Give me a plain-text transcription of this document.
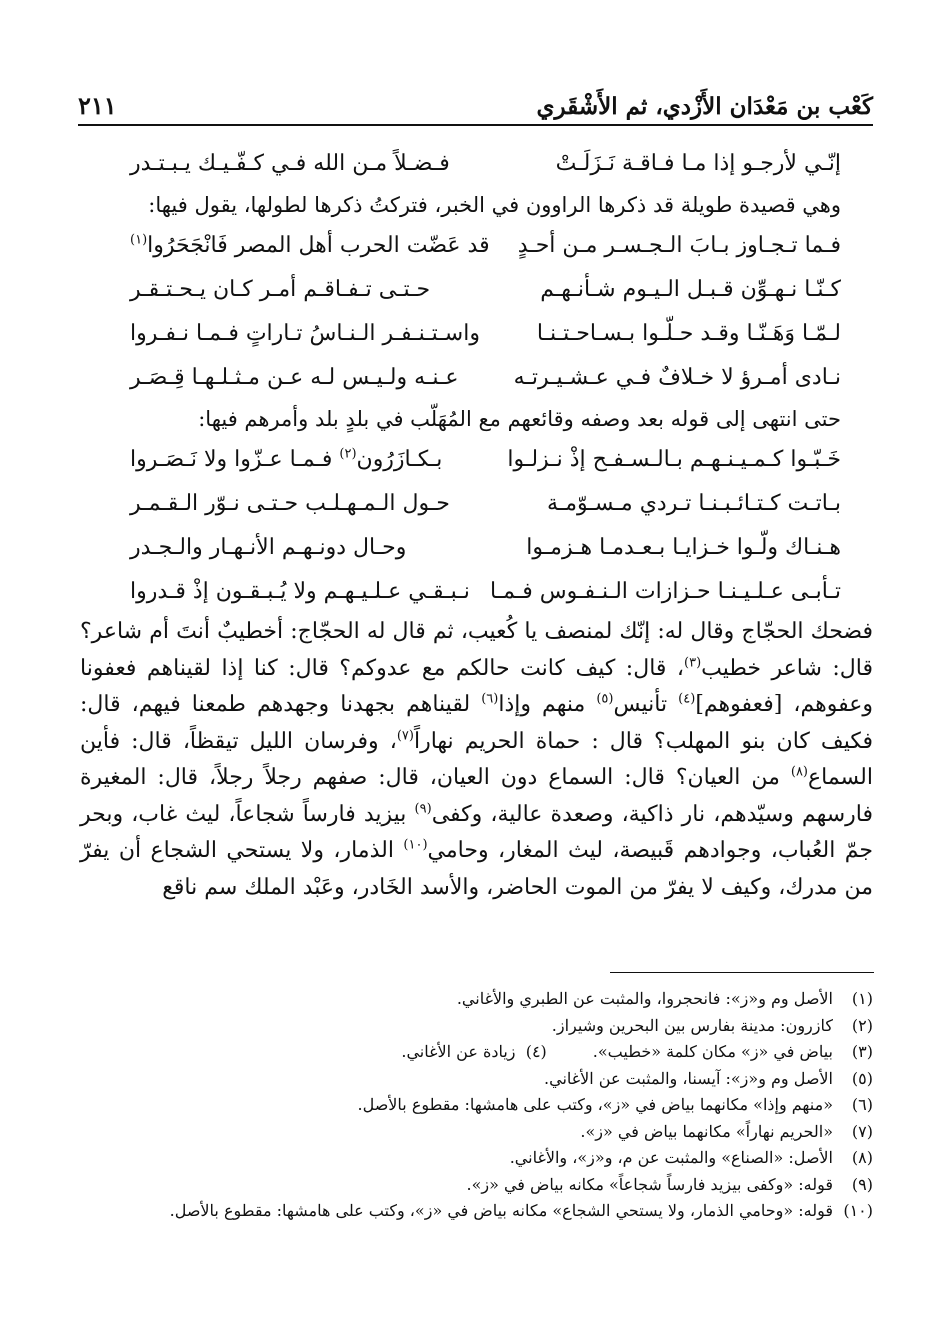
كَعْب بن مَعْدَان الأَزْدي، ثم الأَشْقَري
٢١١
إنّـي لأرجـو إذا مـا فـاقـة نَـزَلَـتْ
فـضـلاً مـن الله فـي كـفّـيـك يـبـتـدر

وهي قصيدة طويلة قد ذكرها الراوون في الخبر، فتركتُ ذكرها لطولها، يقول فيها:

فـما تـجـاوز بـابَ الـجـسـر مـن أحـدٍ
قد عَضّت الحرب أهل المصر فَانْجَحَرُوا$^{(١)}$
كـنّـا نـهـوِّن قـبـل الـيـوم شـأنـهـم
حـتـى تـفـاقـم أمـر كـان يـحـتـقـر
لـمّـا وَهَـنّـا وقـد حـلّـوا بـسـاحـتـنـا
واسـتـنـفـر الـنـاسُ تـاراتٍ فـمـا نـفـروا
نـادى أمـرؤ لا خـلافٌ فـي عـشـيـرتـه
عـنـه ولـيـس لـه عـن مـثـلـهـا قِـصَـر

حتى انتهى إلى قوله بعد وصفه وقائعهم مع المُهَلّب في بلدٍ بلد وأمرهم فيها:

خَـبّـوا كـمـيـنـهـم بـالـسـفـح إذْ نـزلـوا
بـكـازَرُون$^{(٢)}$ فـمـا عـزّوا ولا نَـصَـروا
بـاتـت كـتـائـبـنـا تـردي مـسـوّمـة
حـول الـمـهـلـب حـتـى نـوّر الـقـمـر
هـنـاك ولّـوا خـزايـا بـعـدمـا هـزمـوا
وحـال دونـهـم الأنـهـار والـجـدر
تـأبـى عـلـيـنـا حـزازات الـنـفـوس فـمـا
نـبـقـي عـلـيـهـم ولا يُـبـقـون إذْ قـدروا

فضحك الحجّاج وقال له: إنّك لمنصف يا كُعيب، ثم قال له الحجّاج: أخطيبٌ أنتَ أم شاعر؟ قال: شاعر خطيب$^{(٣)}$، قال: كيف كانت حالكم مع عدوكم؟ قال: كنا إذا لقيناهم فعفونا وعفوهم، [فعفوهم]$^{(٤)}$ تأنيس$^{(٥)}$ منهم وإذا$^{(٦)}$ لقيناهم بجهدنا وجهدهم طمعنا فيهم، قال: فكيف كان بنو المهلب؟ قال : حماة الحريم نهاراً$^{(٧)}$، وفرسان الليل تيقظاً، قال: فأين السماع$^{(٨)}$ من العيان؟ قال: السماع دون العيان، قال: صفهم رجلاً رجلاً، قال: المغيرة فارسهم وسيّدهم، نار ذاكية، وصعدة عالية، وكفى$^{(٩)}$ بيزيد فارساً شجاعاً، ليث غاب، وبحر جمّ العُباب، وجوادهم قَبيصة، ليث المغار، وحامي$^{(١٠)}$ الذمار، ولا يستحي الشجاع أن يفرّ من مدرك، وكيف لا يفرّ من الموت الحاضر، والأسد الخَادر، وعَبْد الملك سم ناقع

(١)
الأصل وم و«ز»: فانحجروا، والمثبت عن الطبري والأغاني.
(٢)
كازرون: مدينة بفارس بين البحرين وشيراز.
(٣)
بياض في «ز» مكان كلمة «خطيب».
(٤)

زيادة عن الأغاني.
(٥)
الأصل وم و«ز»: آيسنا، والمثبت عن الأغاني.
(٦)
«منهم وإذا» مكانهما بياض في «ز»، وكتب على هامشها: مقطوع بالأصل.
(٧)
«الحريم نهاراً» مكانهما بياض في «ز».
(٨)
الأصل: «الصناع» والمثبت عن م، و«ز»، والأغاني.
(٩)
قوله: «وكفى بيزيد فارساً شجاعاً» مكانه بياض في «ز».
(١٠)
قوله: «وحامي الذمار، ولا يستحي الشجاع» مكانه بياض في «ز»، وكتب على هامشها: مقطوع بالأصل.
